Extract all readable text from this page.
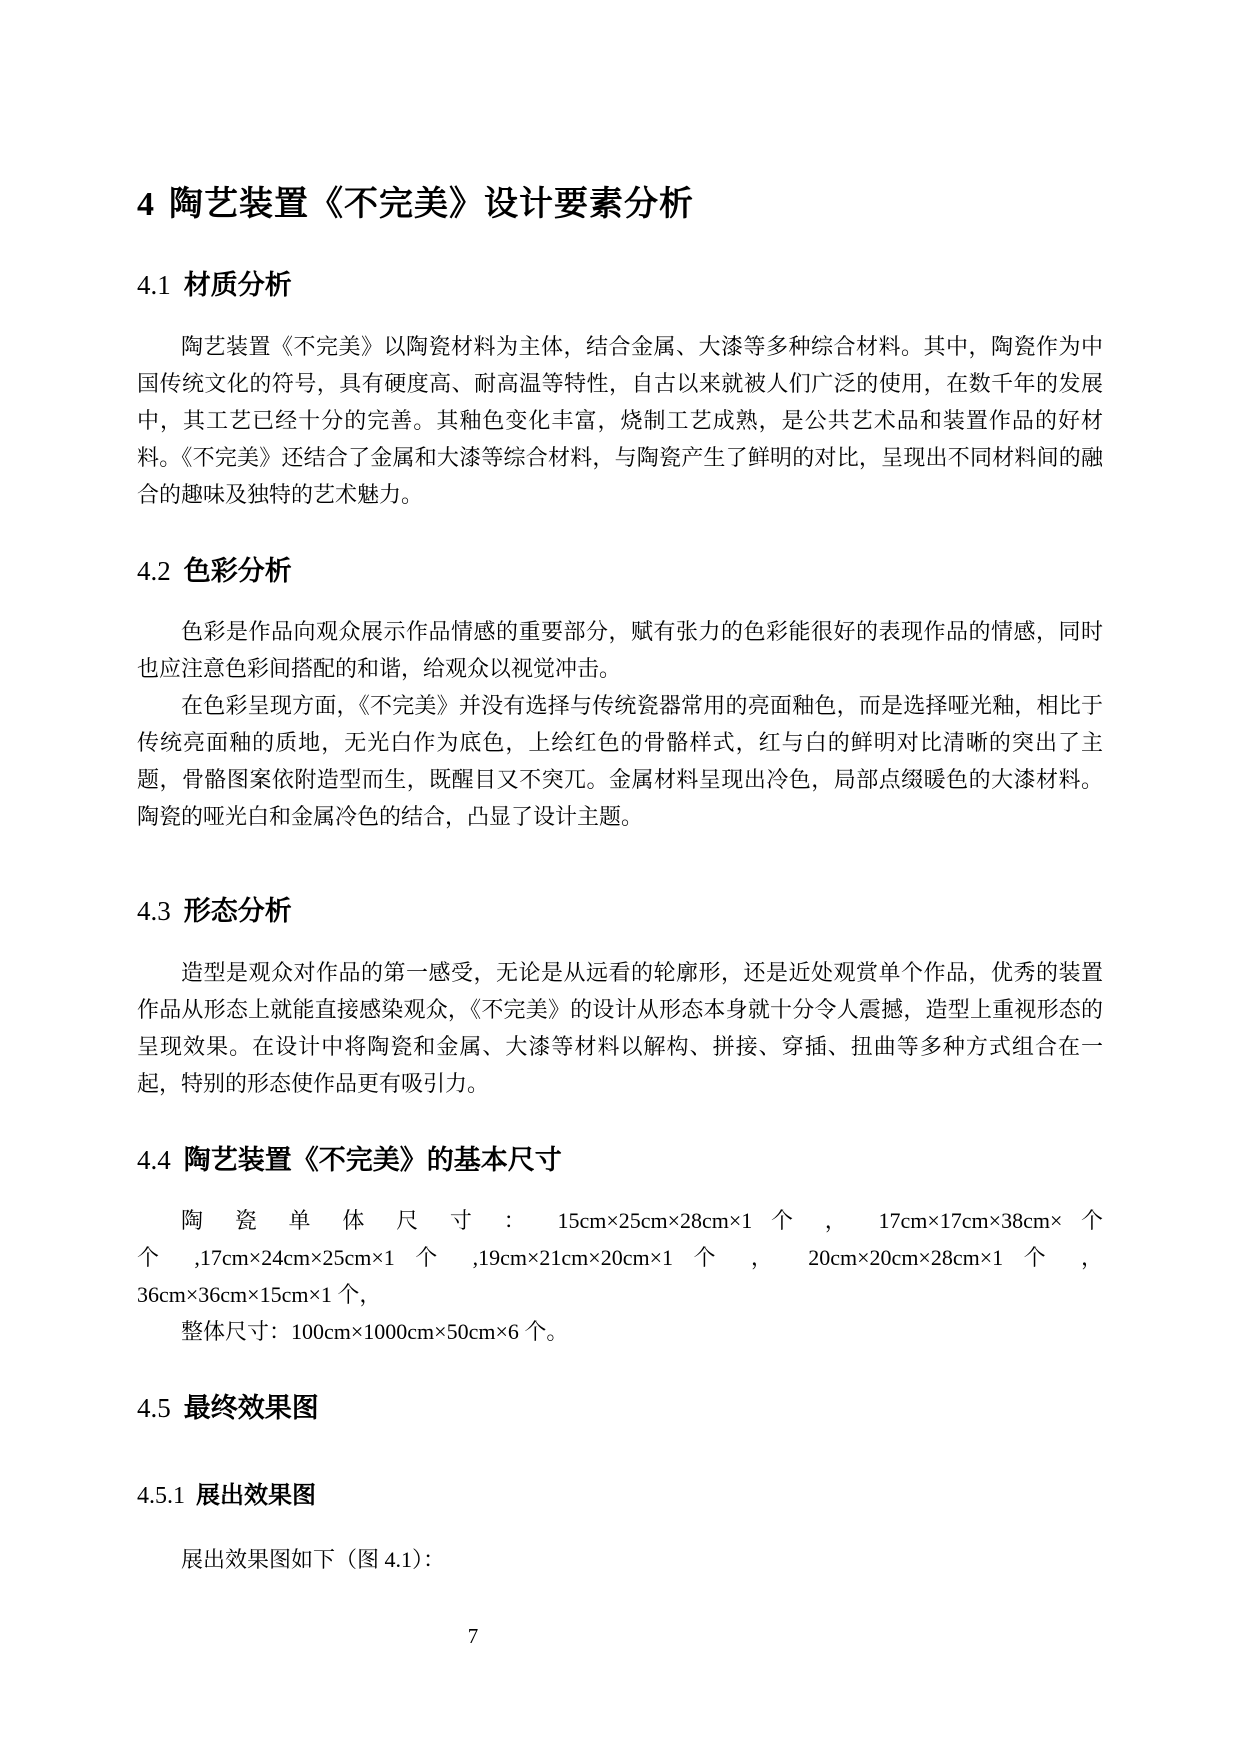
4 陶艺装置《不完美》设计要素分析
4.1 材质分析

陶艺装置《不完美》以陶瓷材料为主体，结合金属、大漆等多种综合材料。其中，陶瓷作为中国传统文化的符号，具有硬度高、耐高温等特性，自古以来就被人们广泛的使用，在数千年的发展中，其工艺已经十分的完善。其釉色变化丰富，烧制工艺成熟，是公共艺术品和装置作品的好材料。《不完美》还结合了金属和大漆等综合材料，与陶瓷产生了鲜明的对比，呈现出不同材料间的融合的趣味及独特的艺术魅力。

4.2 色彩分析

色彩是作品向观众展示作品情感的重要部分，赋有张力的色彩能很好的表现作品的情感，同时也应注意色彩间搭配的和谐，给观众以视觉冲击。

在色彩呈现方面，《不完美》并没有选择与传统瓷器常用的亮面釉色，而是选择哑光釉，相比于传统亮面釉的质地，无光白作为底色，上绘红色的骨骼样式，红与白的鲜明对比清晰的突出了主题，骨骼图案依附造型而生，既醒目又不突兀。金属材料呈现出冷色，局部点缀暖色的大漆材料。陶瓷的哑光白和金属冷色的结合，凸显了设计主题。

4.3 形态分析

造型是观众对作品的第一感受，无论是从远看的轮廓形，还是近处观赏单个作品，优秀的装置作品从形态上就能直接感染观众，《不完美》的设计从形态本身就十分令人震撼，造型上重视形态的呈现效果。在设计中将陶瓷和金属、大漆等材料以解构、拼接、穿插、扭曲等多种方式组合在一起，特别的形态使作品更有吸引力。

4.4 陶艺装置《不完美》的基本尺寸
陶 瓷 单 体 尺 寸 ： 15cm×25cm×28cm×1 个 ， 17cm×17cm×38cm× 个
个 ,17cm×24cm×25cm×1 个 ,19cm×21cm×20cm×1 个 ， 20cm×20cm×28cm×1 个 ，
36cm×36cm×15cm×1 个，

整体尺寸：100cm×1000cm×50cm×6 个。

4.5 最终效果图
4.5.1 展出效果图

展出效果图如下（图 4.1）：

7
